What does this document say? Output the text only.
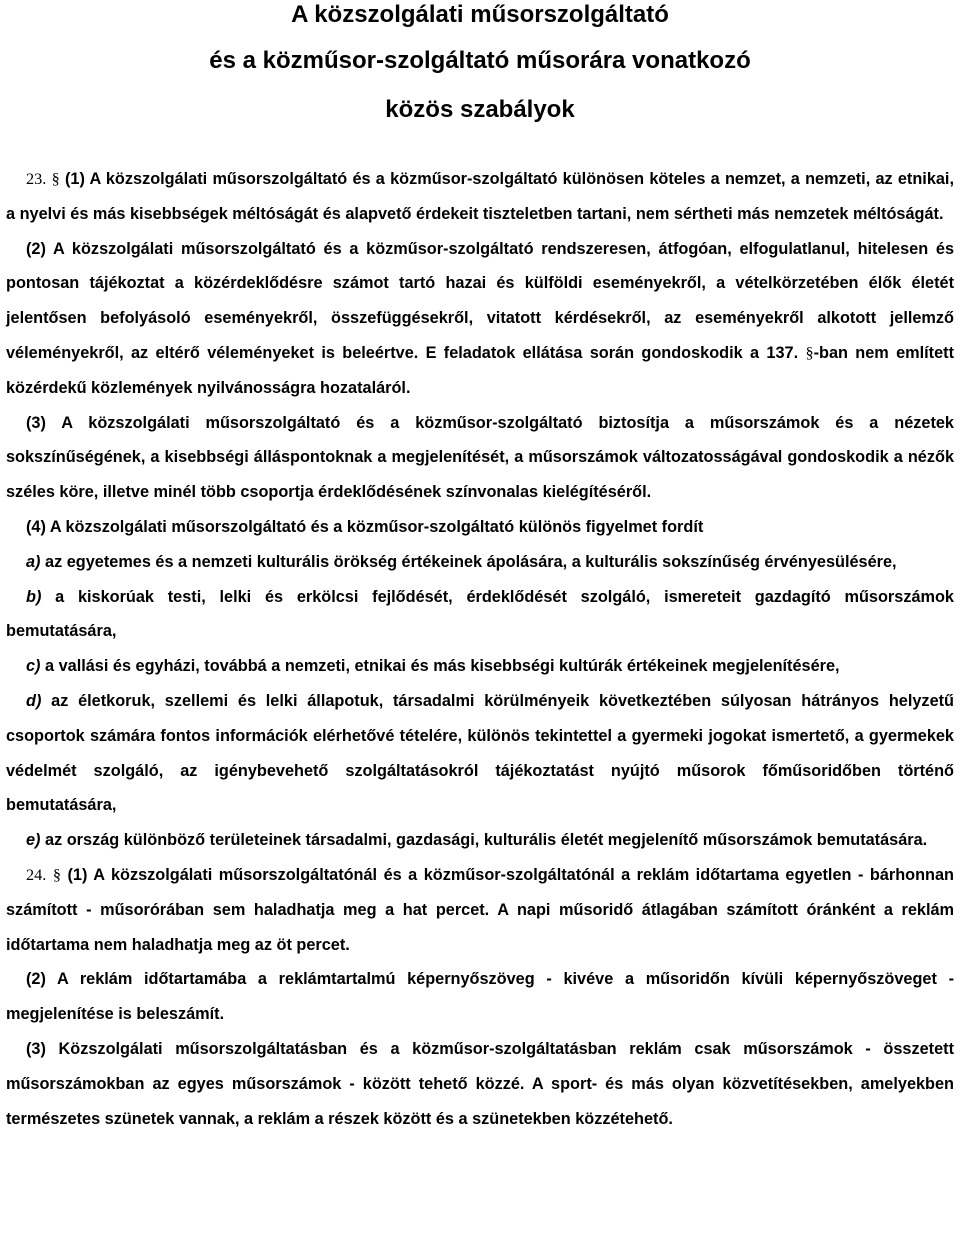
A közszolgálati műsorszolgáltató
és a közműsor-szolgáltató műsorára vonatkozó
közös szabályok

23. § (1) A közszolgálati műsorszolgáltató és a közműsor-szolgáltató különösen köteles a nemzet, a nemzeti, az etnikai, a nyelvi és más kisebbségek méltóságát és alapvető érdekeit tiszteletben tartani, nem sértheti más nemzetek méltóságát.

(2) A közszolgálati műsorszolgáltató és a közműsor-szolgáltató rendszeresen, átfogóan, elfogulatlanul, hitelesen és pontosan tájékoztat a közérdeklődésre számot tartó hazai és külföldi eseményekről, a vételkörzetében élők életét jelentősen befolyásoló eseményekről, összefüggésekről, vitatott kérdésekről, az eseményekről alkotott jellemző véleményekről, az eltérő véleményeket is beleértve. E feladatok ellátása során gondoskodik a 137. §-ban nem említett közérdekű közlemények nyilvánosságra hozataláról.

(3) A közszolgálati műsorszolgáltató és a közműsor-szolgáltató biztosítja a műsorszámok és a nézetek sokszínűségének, a kisebbségi álláspontoknak a megjelenítését, a műsorszámok változatosságával gondoskodik a nézők széles köre, illetve minél több csoportja érdeklődésének színvonalas kielégítéséről.

(4) A közszolgálati műsorszolgáltató és a közműsor-szolgáltató különös figyelmet fordít

a) az egyetemes és a nemzeti kulturális örökség értékeinek ápolására, a kulturális sokszínűség érvényesülésére,

b) a kiskorúak testi, lelki és erkölcsi fejlődését, érdeklődését szolgáló, ismereteit gazdagító műsorszámok bemutatására,

c) a vallási és egyházi, továbbá a nemzeti, etnikai és más kisebbségi kultúrák értékeinek megjelenítésére,

d) az életkoruk, szellemi és lelki állapotuk, társadalmi körülményeik következtében súlyosan hátrányos helyzetű csoportok számára fontos információk elérhetővé tételére, különös tekintettel a gyermeki jogokat ismertető, a gyermekek védelmét szolgáló, az igénybevehető szolgáltatásokról tájékoztatást nyújtó műsorok főműsoridőben történő bemutatására,

e) az ország különböző területeinek társadalmi, gazdasági, kulturális életét megjelenítő műsorszámok bemutatására.

24. § (1) A közszolgálati műsorszolgáltatónál és a közműsor-szolgáltatónál a reklám időtartama egyetlen - bárhonnan számított - műsorórában sem haladhatja meg a hat percet. A napi műsoridő átlagában számított óránként a reklám időtartama nem haladhatja meg az öt percet.

(2) A reklám időtartamába a reklámtartalmú képernyőszöveg - kivéve a műsoridőn kívüli képernyőszöveget - megjelenítése is beleszámít.

(3) Közszolgálati műsorszolgáltatásban és a közműsor-szolgáltatásban reklám csak műsorszámok - összetett műsorszámokban az egyes műsorszámok - között tehető közzé. A sport- és más olyan közvetítésekben, amelyekben természetes szünetek vannak, a reklám a részek között és a szünetekben közzétehető.
